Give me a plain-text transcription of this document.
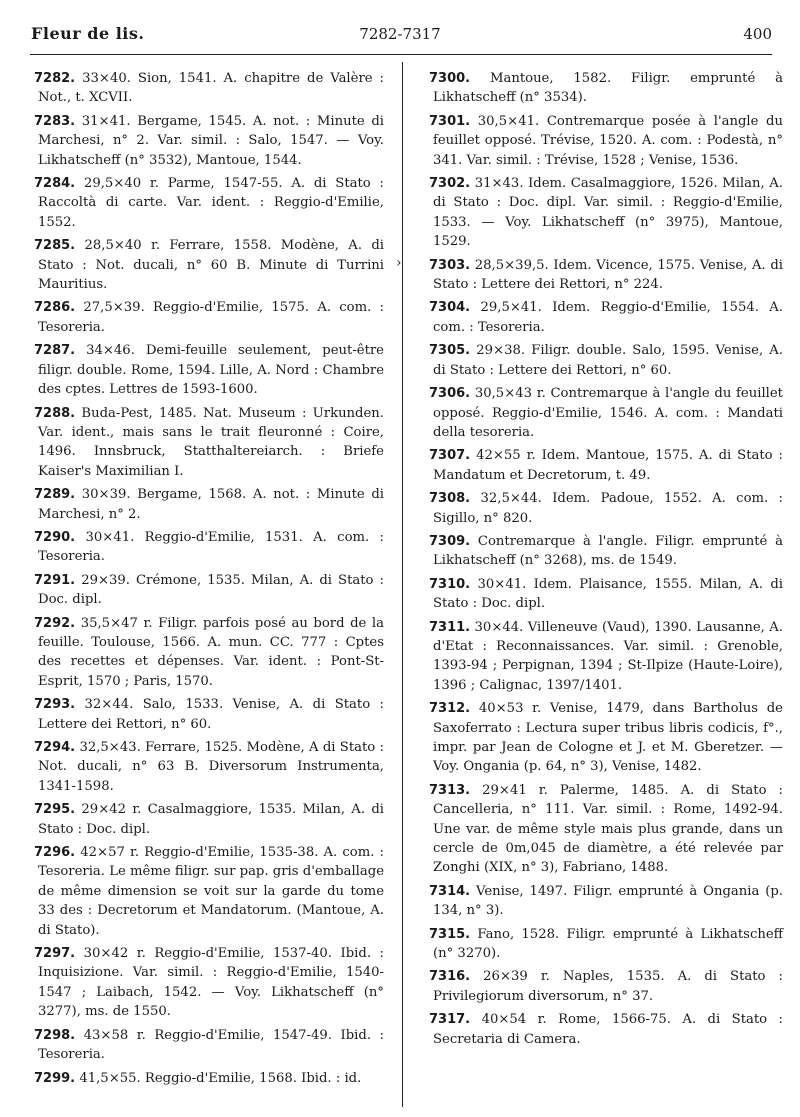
Fleur de lis.	7282-7317	400
›

7282. 33×40. Sion, 1541. A. chapitre de Valère : Not., t. XCVII.

7283. 31×41. Bergame, 1545. A. not. : Minute di Marchesi, n° 2. Var. simil. : Salo, 1547. — Voy. Likhatscheff (n° 3532), Mantoue, 1544.

7284. 29,5×40 r. Parme, 1547-55. A. di Stato : Raccoltà di carte. Var. ident. : Reggio-d'Emilie, 1552.

7285. 28,5×40 r. Ferrare, 1558. Modène, A. di Stato : Not. ducali, n° 60 B. Minute di Turrini Mauritius.

7286. 27,5×39. Reggio-d'Emilie, 1575. A. com. : Tesoreria.

7287. 34×46. Demi-feuille seulement, peut-être filigr. double. Rome, 1594. Lille, A. Nord : Chambre des cptes. Lettres de 1593-1600.

7288. Buda-Pest, 1485. Nat. Museum : Urkunden. Var. ident., mais sans le trait fleuronné : Coire, 1496. Innsbruck, Statthaltereiarch. : Briefe Kaiser's Maximilian I.

7289. 30×39. Bergame, 1568. A. not. : Minute di Marchesi, n° 2.

7290. 30×41. Reggio-d'Emilie, 1531. A. com. : Tesoreria.

7291. 29×39. Crémone, 1535. Milan, A. di Stato : Doc. dipl.

7292. 35,5×47 r. Filigr. parfois posé au bord de la feuille. Toulouse, 1566. A. mun. CC. 777 : Cptes des recettes et dépenses. Var. ident. : Pont-St-Esprit, 1570 ; Paris, 1570.

7293. 32×44. Salo, 1533. Venise, A. di Stato : Lettere dei Rettori, n° 60.

7294. 32,5×43. Ferrare, 1525. Modène, A di Stato : Not. ducali, n° 63 B. Diversorum Instrumenta, 1341-1598.

7295. 29×42 r. Casalmaggiore, 1535. Milan, A. di Stato : Doc. dipl.

7296. 42×57 r. Reggio-d'Emilie, 1535-38. A. com. : Tesoreria. Le même filigr. sur pap. gris d'emballage de même dimension se voit sur la garde du tome 33 des : Decretorum et Mandatorum. (Mantoue, A. di Stato).

7297. 30×42 r. Reggio-d'Emilie, 1537-40. Ibid. : Inquisizione. Var. simil. : Reggio-d'Emilie, 1540-1547 ; Laibach, 1542. — Voy. Likhatscheff (n° 3277), ms. de 1550.

7298. 43×58 r. Reggio-d'Emilie, 1547-49. Ibid. : Tesoreria.

7299. 41,5×55. Reggio-d'Emilie, 1568. Ibid. : id.

7300. Mantoue, 1582. Filigr. emprunté à Likhatscheff (n° 3534).

7301. 30,5×41. Contremarque posée à l'angle du feuillet opposé. Trévise, 1520. A. com. : Podestà, n° 341. Var. simil. : Trévise, 1528 ; Venise, 1536.

7302. 31×43. Idem. Casalmaggiore, 1526. Milan, A. di Stato : Doc. dipl. Var. simil. : Reggio-d'Emilie, 1533. — Voy. Likhatscheff (n° 3975), Mantoue, 1529.

7303. 28,5×39,5. Idem. Vicence, 1575. Venise, A. di Stato : Lettere dei Rettori, n° 224.

7304. 29,5×41. Idem. Reggio-d'Emilie, 1554. A. com. : Tesoreria.

7305. 29×38. Filigr. double. Salo, 1595. Venise, A. di Stato : Lettere dei Rettori, n° 60.

7306. 30,5×43 r. Contremarque à l'angle du feuillet opposé. Reggio-d'Emilie, 1546. A. com. : Mandati della tesoreria.

7307. 42×55 r. Idem. Mantoue, 1575. A. di Stato : Mandatum et Decretorum, t. 49.

7308. 32,5×44. Idem. Padoue, 1552. A. com. : Sigillo, n° 820.

7309. Contremarque à l'angle. Filigr. emprunté à Likhatscheff (n° 3268), ms. de 1549.

7310. 30×41. Idem. Plaisance, 1555. Milan, A. di Stato : Doc. dipl.

7311. 30×44. Villeneuve (Vaud), 1390. Lausanne, A. d'Etat : Reconnaissances. Var. simil. : Grenoble, 1393-94 ; Perpignan, 1394 ; St-Ilpize (Haute-Loire), 1396 ; Calignac, 1397/1401.

7312. 40×53 r. Venise, 1479, dans Bartholus de Saxoferrato : Lectura super tribus libris codicis, f°., impr. par Jean de Cologne et J. et M. Gberetzer. — Voy. Ongania (p. 64, n° 3), Venise, 1482.

7313. 29×41 r. Palerme, 1485. A. di Stato : Cancelleria, n° 111. Var. simil. : Rome, 1492-94. Une var. de même style mais plus grande, dans un cercle de 0m,045 de diamètre, a été relevée par Zonghi (XIX, n° 3), Fabriano, 1488.

7314. Venise, 1497. Filigr. emprunté à Ongania (p. 134, n° 3).

7315. Fano, 1528. Filigr. emprunté à Likhatscheff (n° 3270).

7316. 26×39 r. Naples, 1535. A. di Stato : Privilegiorum diversorum, n° 37.

7317. 40×54 r. Rome, 1566-75. A. di Stato : Secretaria di Camera.
